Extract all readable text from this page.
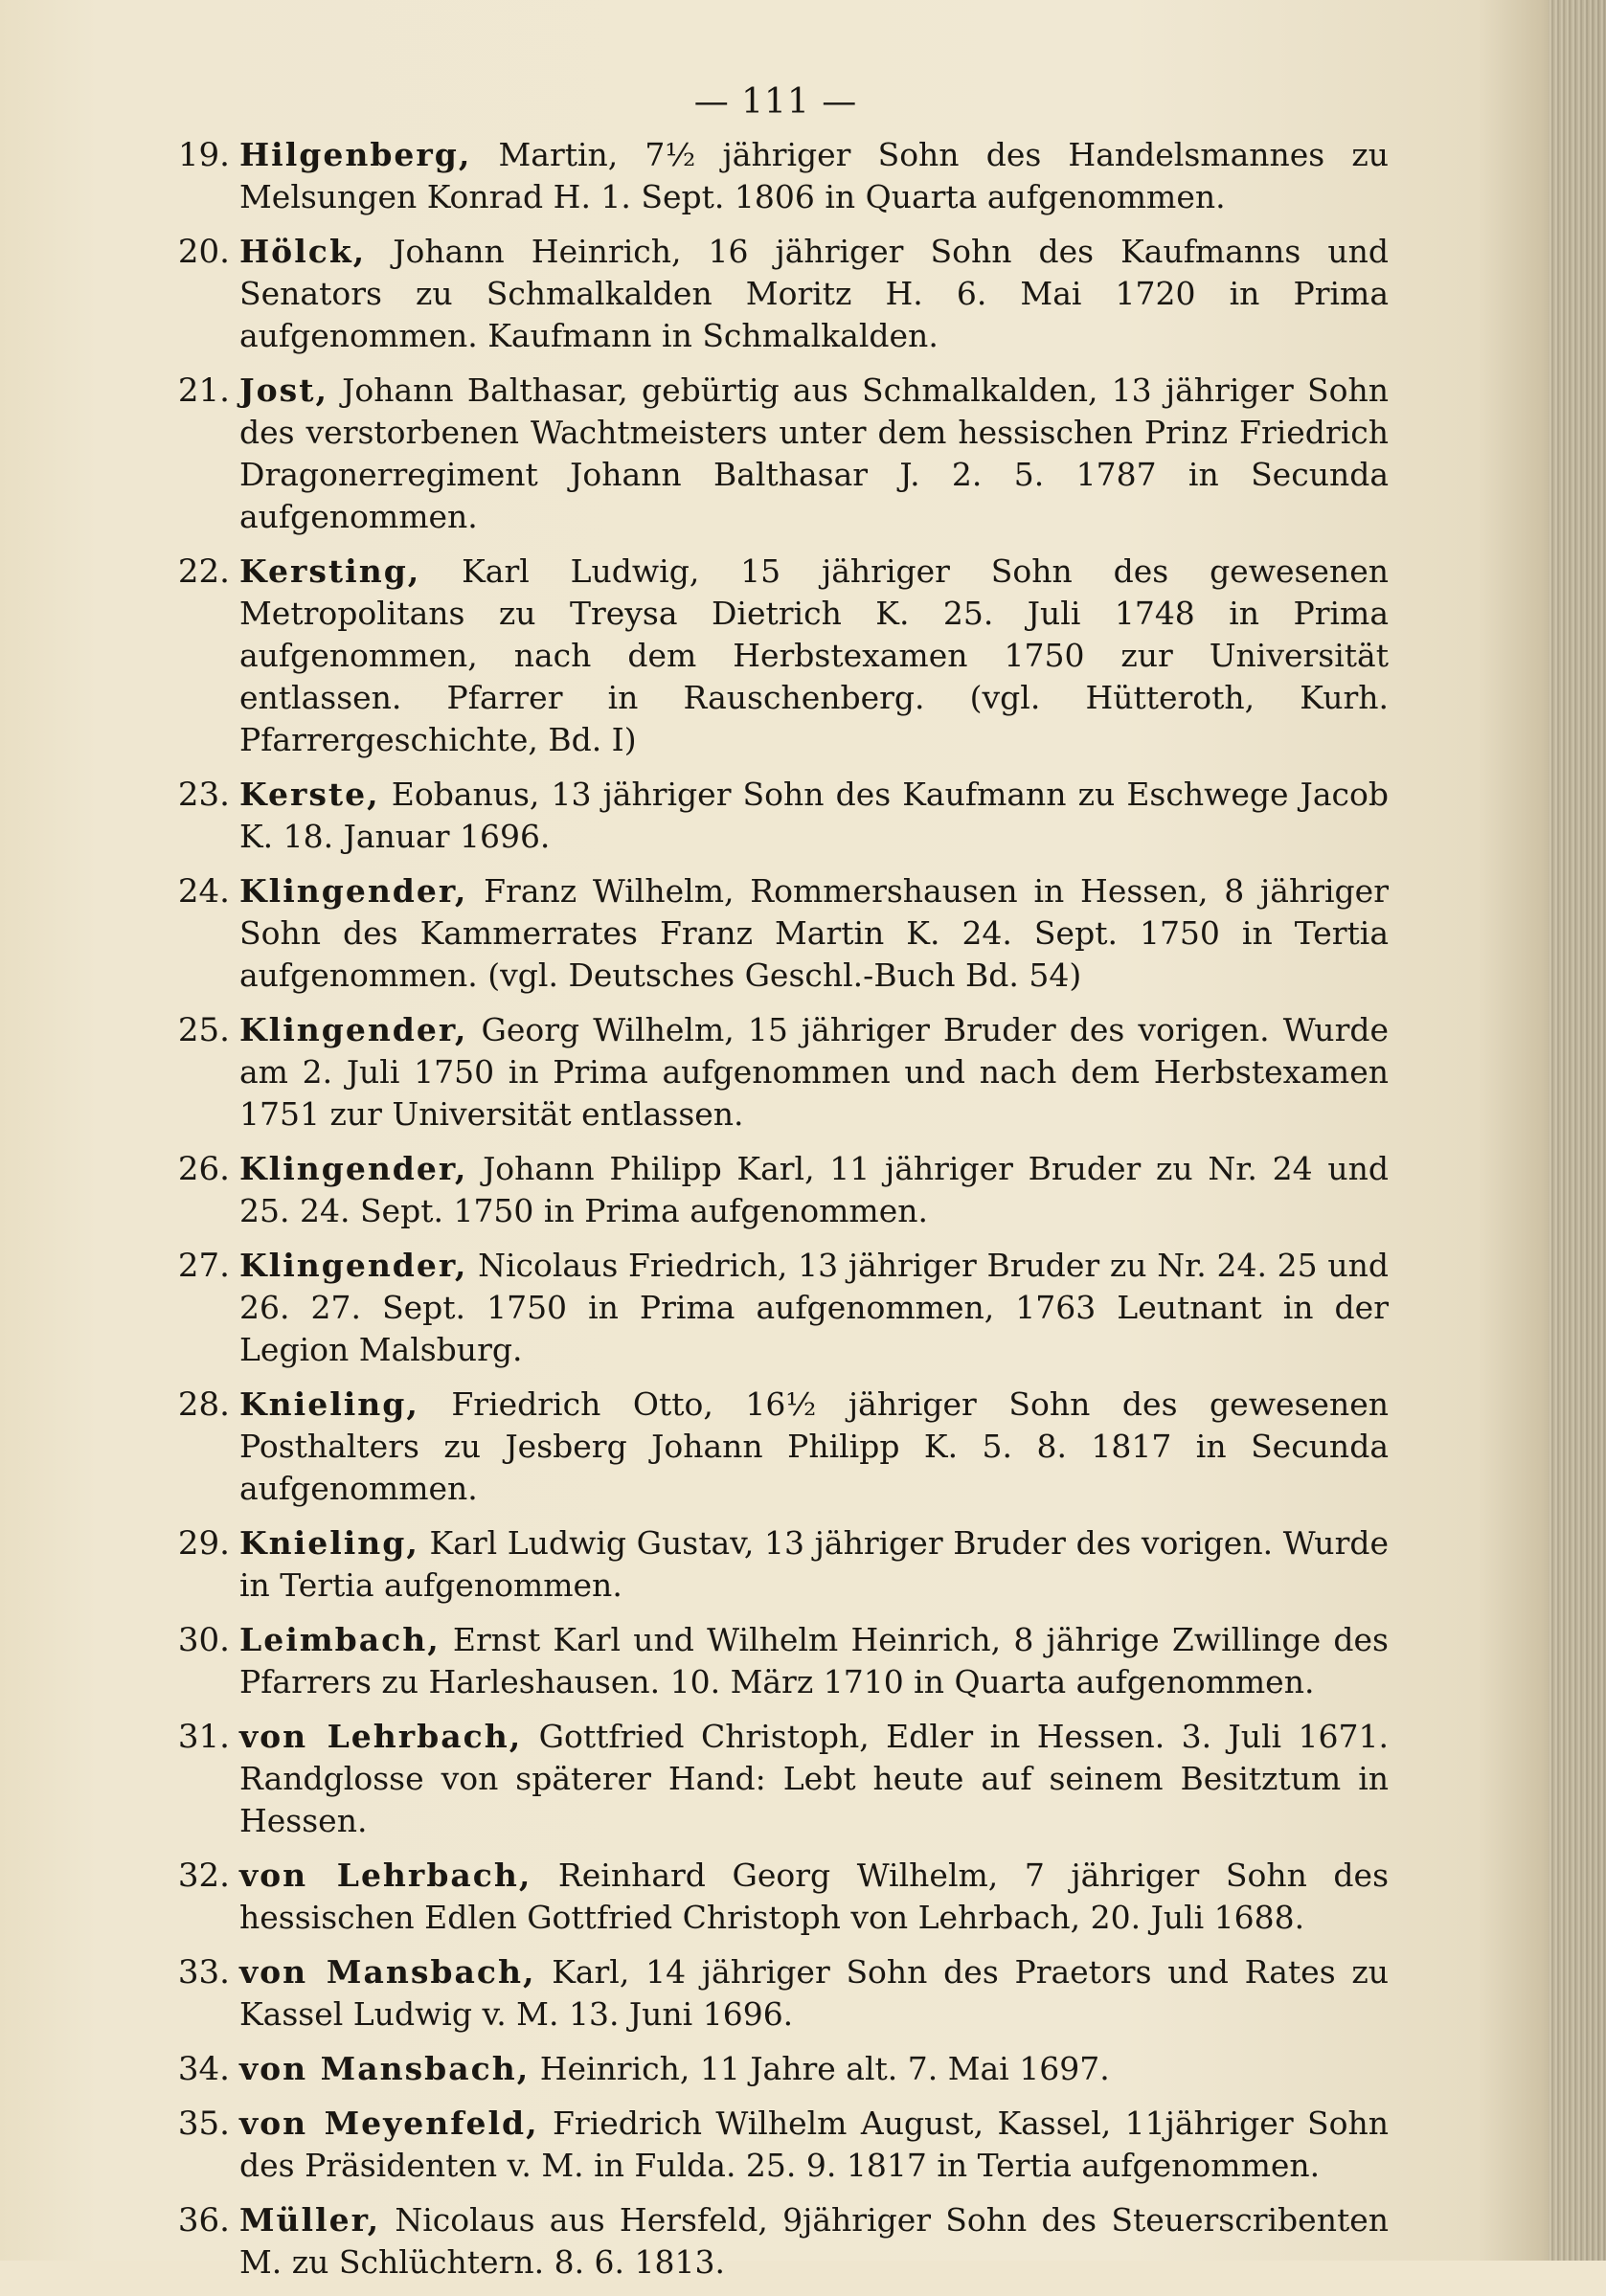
— 111 —
19. Hilgenberg, Martin, 7½ jähriger Sohn des Handelsmannes zu Melsungen Konrad H. 1. Sept. 1806 in Quarta aufgenommen.
20. Hölck, Johann Heinrich, 16 jähriger Sohn des Kaufmanns und Senators zu Schmalkalden Moritz H. 6. Mai 1720 in Prima aufgenommen. Kaufmann in Schmalkalden.
21. Jost, Johann Balthasar, gebürtig aus Schmalkalden, 13 jähriger Sohn des verstorbenen Wachtmeisters unter dem hessischen Prinz Friedrich Dragonerregiment Johann Balthasar J. 2. 5. 1787 in Secunda aufgenommen.
22. Kersting, Karl Ludwig, 15 jähriger Sohn des gewesenen Metropolitans zu Treysa Dietrich K. 25. Juli 1748 in Prima aufgenommen, nach dem Herbstexamen 1750 zur Universität entlassen. Pfarrer in Rauschenberg. (vgl. Hütteroth, Kurh. Pfarrergeschichte, Bd. I)
23. Kerste, Eobanus, 13 jähriger Sohn des Kaufmann zu Eschwege Jacob K. 18. Januar 1696.
24. Klingender, Franz Wilhelm, Rommershausen in Hessen, 8 jähriger Sohn des Kammerrates Franz Martin K. 24. Sept. 1750 in Tertia aufgenommen. (vgl. Deutsches Geschl.-Buch Bd. 54)
25. Klingender, Georg Wilhelm, 15 jähriger Bruder des vorigen. Wurde am 2. Juli 1750 in Prima aufgenommen und nach dem Herbstexamen 1751 zur Universität entlassen.
26. Klingender, Johann Philipp Karl, 11 jähriger Bruder zu Nr. 24 und 25. 24. Sept. 1750 in Prima aufgenommen.
27. Klingender, Nicolaus Friedrich, 13 jähriger Bruder zu Nr. 24. 25 und 26. 27. Sept. 1750 in Prima aufgenommen, 1763 Leutnant in der Legion Malsburg.
28. Knieling, Friedrich Otto, 16½ jähriger Sohn des gewesenen Posthalters zu Jesberg Johann Philipp K. 5. 8. 1817 in Secunda aufgenommen.
29. Knieling, Karl Ludwig Gustav, 13 jähriger Bruder des vorigen. Wurde in Tertia aufgenommen.
30. Leimbach, Ernst Karl und Wilhelm Heinrich, 8 jährige Zwillinge des Pfarrers zu Harleshausen. 10. März 1710 in Quarta aufgenommen.
31. von Lehrbach, Gottfried Christoph, Edler in Hessen. 3. Juli 1671. Randglosse von späterer Hand: Lebt heute auf seinem Besitztum in Hessen.
32. von Lehrbach, Reinhard Georg Wilhelm, 7 jähriger Sohn des hessischen Edlen Gottfried Christoph von Lehrbach, 20. Juli 1688.
33. von Mansbach, Karl, 14 jähriger Sohn des Praetors und Rates zu Kassel Ludwig v. M. 13. Juni 1696.
34. von Mansbach, Heinrich, 11 Jahre alt. 7. Mai 1697.
35. von Meyenfeld, Friedrich Wilhelm August, Kassel, 11jähriger Sohn des Präsidenten v. M. in Fulda. 25. 9. 1817 in Tertia aufgenommen.
36. Müller, Nicolaus aus Hersfeld, 9jähriger Sohn des Steuerscribenten M. zu Schlüchtern. 8. 6. 1813.
